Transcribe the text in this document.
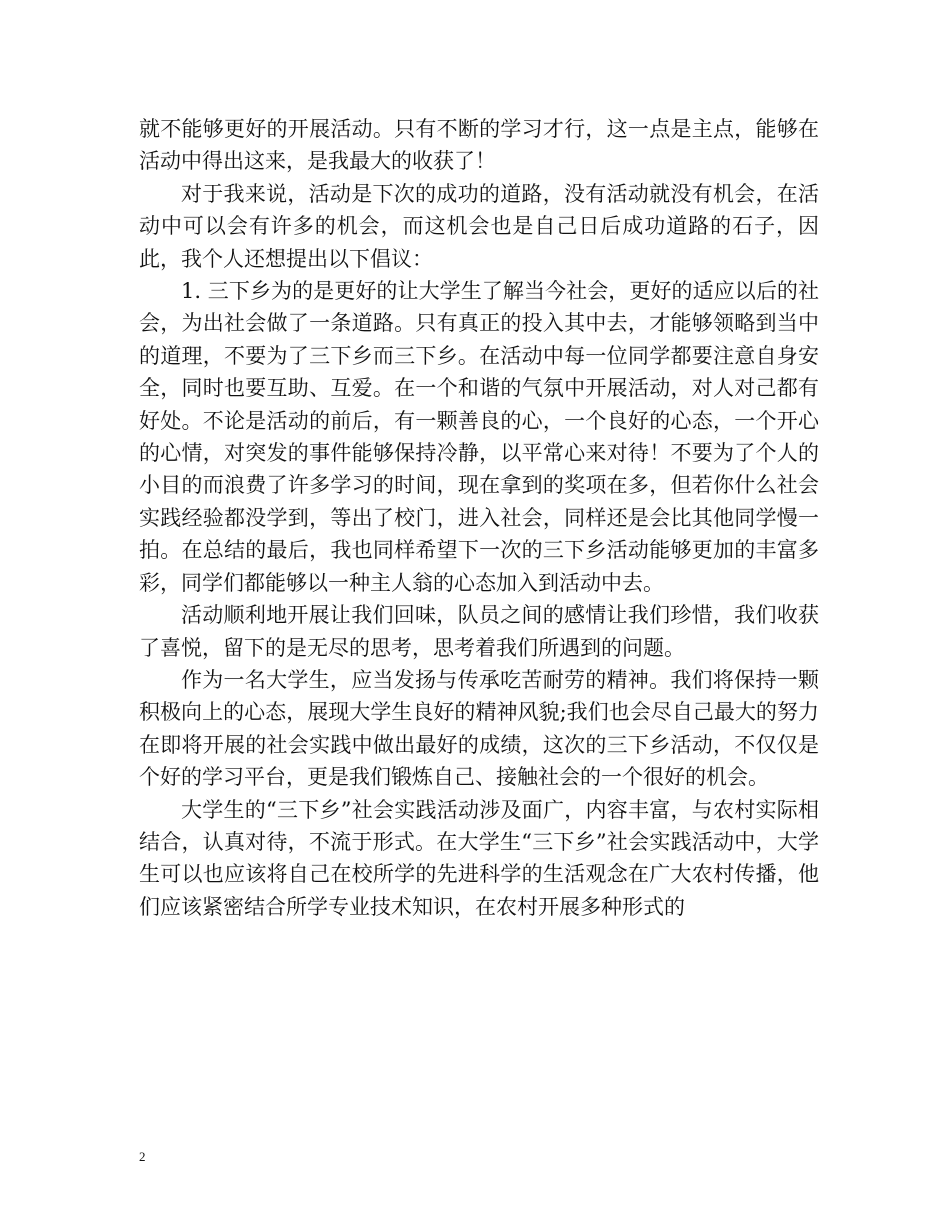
就不能够更好的开展活动。只有不断的学习才行，这一点是主点，能够在活动中得出这来，是我最大的收获了！

对于我来说，活动是下次的成功的道路，没有活动就没有机会，在活动中可以会有许多的机会，而这机会也是自己日后成功道路的石子，因此，我个人还想提出以下倡议：

1. 三下乡为的是更好的让大学生了解当今社会，更好的适应以后的社会，为出社会做了一条道路。只有真正的投入其中去，才能够领略到当中的道理，不要为了三下乡而三下乡。在活动中每一位同学都要注意自身安全，同时也要互助、互爱。在一个和谐的气氛中开展活动，对人对己都有好处。不论是活动的前后，有一颗善良的心，一个良好的心态，一个开心的心情，对突发的事件能够保持冷静，以平常心来对待！不要为了个人的小目的而浪费了许多学习的时间，现在拿到的奖项在多，但若你什么社会实践经验都没学到，等出了校门，进入社会，同样还是会比其他同学慢一拍。在总结的最后，我也同样希望下一次的三下乡活动能够更加的丰富多彩，同学们都能够以一种主人翁的心态加入到活动中去。

活动顺利地开展让我们回味，队员之间的感情让我们珍惜，我们收获了喜悦，留下的是无尽的思考，思考着我们所遇到的问题。

作为一名大学生，应当发扬与传承吃苦耐劳的精神。我们将保持一颗积极向上的心态，展现大学生良好的精神风貌;我们也会尽自己最大的努力在即将开展的社会实践中做出最好的成绩，这次的三下乡活动，不仅仅是个好的学习平台，更是我们锻炼自己、接触社会的一个很好的机会。

大学生的“三下乡”社会实践活动涉及面广，内容丰富，与农村实际相结合，认真对待，不流于形式。在大学生“三下乡”社会实践活动中，大学生可以也应该将自己在校所学的先进科学的生活观念在广大农村传播，他们应该紧密结合所学专业技术知识，在农村开展多种形式的

2
